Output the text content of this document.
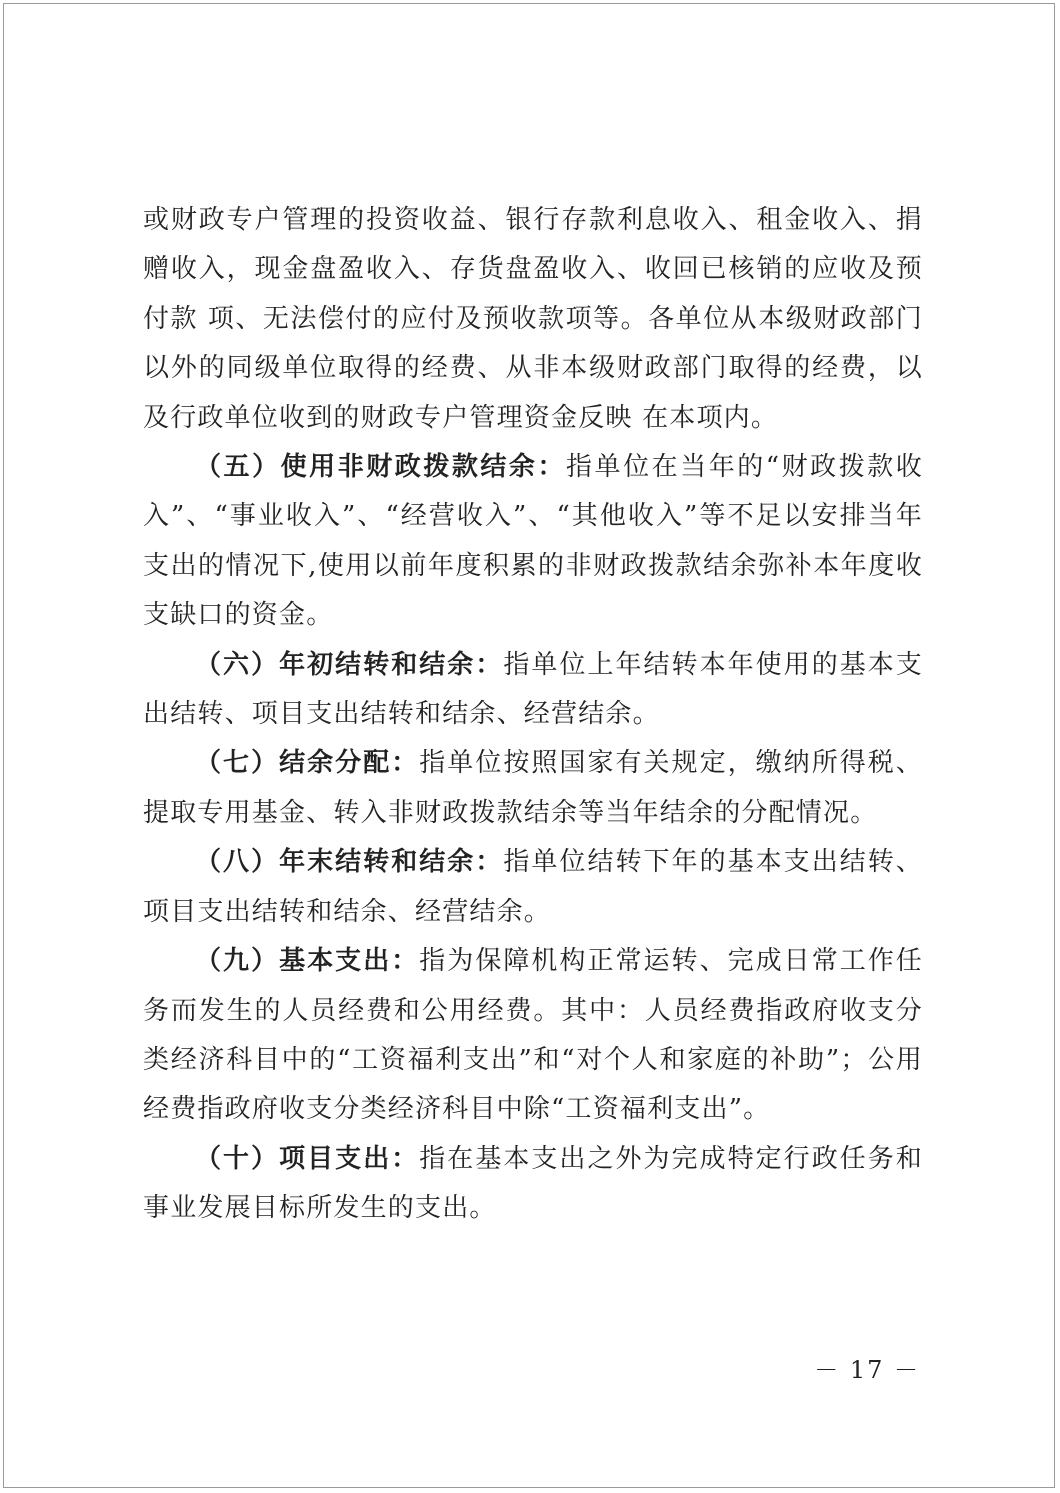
或财政专户管理的投资收益、银行存款利息收入、租金收入、捐赠收入，现金盘盈收入、存货盘盈收入、收回已核销的应收及预付款 项、无法偿付的应付及预收款项等。各单位从本级财政部门以外的同级单位取得的经费、从非本级财政部门取得的经费，以及行政单位收到的财政专户管理资金反映 在本项内。

（五）使用非财政拨款结余：指单位在当年的“财政拨款收入”、“事业收入”、“经营收入”、“其他收入”等不足以安排当年支出的情况下,使用以前年度积累的非财政拨款结余弥补本年度收支缺口的资金。

（六）年初结转和结余：指单位上年结转本年使用的基本支出结转、项目支出结转和结余、经营结余。

（七）结余分配：指单位按照国家有关规定，缴纳所得税、提取专用基金、转入非财政拨款结余等当年结余的分配情况。

（八）年末结转和结余：指单位结转下年的基本支出结转、项目支出结转和结余、经营结余。

（九）基本支出：指为保障机构正常运转、完成日常工作任务而发生的人员经费和公用经费。其中：人员经费指政府收支分类经济科目中的“工资福利支出”和“对个人和家庭的补助”；公用经费指政府收支分类经济科目中除“工资福利支出”。

（十）项目支出：指在基本支出之外为完成特定行政任务和事业发展目标所发生的支出。

－ 17 －
